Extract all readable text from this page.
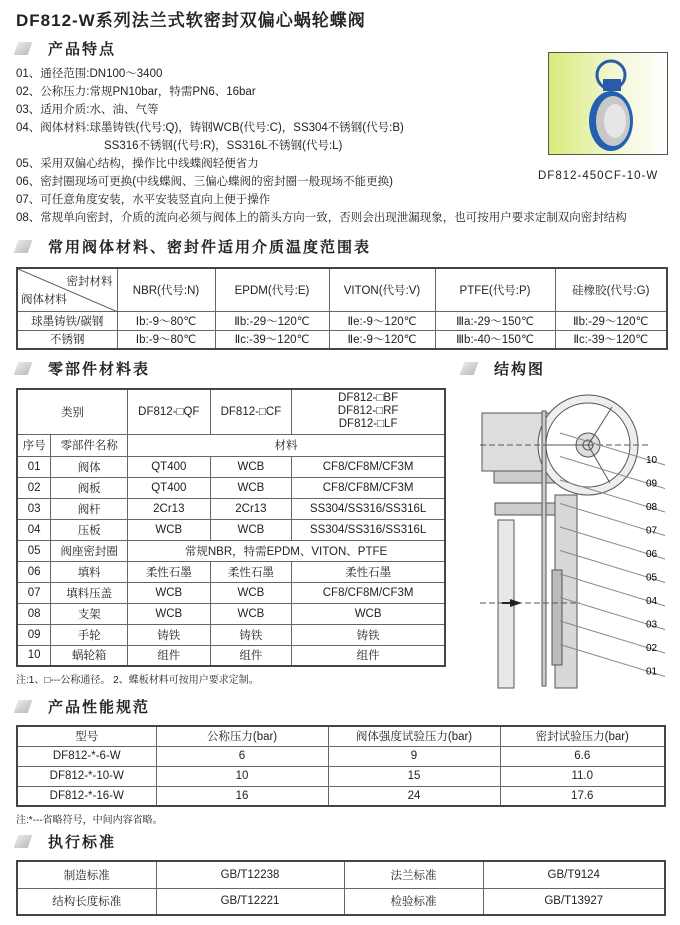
DF812-W系列法兰式软密封双偏心蜗轮蝶阀
产品特点
01、通径范围:DN100～3400
02、公称压力:常规PN10bar，特需PN6、16bar
03、适用介质:水、油、气等
04、阀体材料:球墨铸铁(代号:Q)，铸钢WCB(代号:C)，SS304不锈钢(代号:B)
SS316不锈钢(代号:R)，SS316L不锈钢(代号:L)
05、采用双偏心结构，操作比中线蝶阀轻便省力
06、密封圈现场可更换(中线蝶阀、三偏心蝶阀的密封圈一般现场不能更换)
07、可任意角度安装，水平安装竖直向上便于操作
08、常规单向密封，介质的流向必须与阀体上的箭头方向一致，否则会出现泄漏现象，也可按用户要求定制双向密封结构
DF812-450CF-10-W
常用阀体材料、密封件适用介质温度范围表
密封材料
阀体材料	NBR(代号:N)	EPDM(代号:E)	VITON(代号:V)	PTFE(代号:P)	硅橡胶(代号:G)
球墨铸铁/碳钢	Ⅰb:-9～80℃	Ⅱb:-29～120℃	Ⅱe:-9～120℃	Ⅲa:-29～150℃	Ⅱb:-29～120℃
不锈钢	Ⅰb:-9～80℃	Ⅱc:-39～120℃	Ⅱe:-9～120℃	Ⅲb:-40～150℃	Ⅱc:-39～120℃
零部件材料表
类别		DF812-□QF	DF812-□CF	DF812-□BF
DF812-□RF
DF812-□LF

序号	零部件名称	材料		
01	阀体	QT400	WCB	CF8/CF8M/CF3M
02	阀板	QT400	WCB	CF8/CF8M/CF3M
03	阀杆	2Cr13	2Cr13	SS304/SS316/SS316L
04	压板	WCB	WCB	SS304/SS316/SS316L
05	阀座密封圈	常规NBR，特需EPDM、VITON、PTFE		
06	填料	柔性石墨	柔性石墨	柔性石墨
07	填料压盖	WCB	WCB	CF8/CF8M/CF3M
08	支架	WCB	WCB	WCB
09	手轮	铸铁	铸铁	铸铁
10	蜗轮箱	组件	组件	组件
注:1、□---公称通径。 2、蝶板材料可按用户要求定制。
结构图
10
09
08
07
06
05
04
03
02
01
产品性能规范
型号	公称压力(bar)	阀体强度试验压力(bar)	密封试验压力(bar)
DF812-*-6-W	6	9	6.6
DF812-*-10-W	10	15	11.0
DF812-*-16-W	16	24	17.6
注:*---省略符号，中间内容省略。
执行标准
制造标准	GB/T12238	法兰标准	GB/T9124
结构长度标准	GB/T12221	检验标准	GB/T13927
